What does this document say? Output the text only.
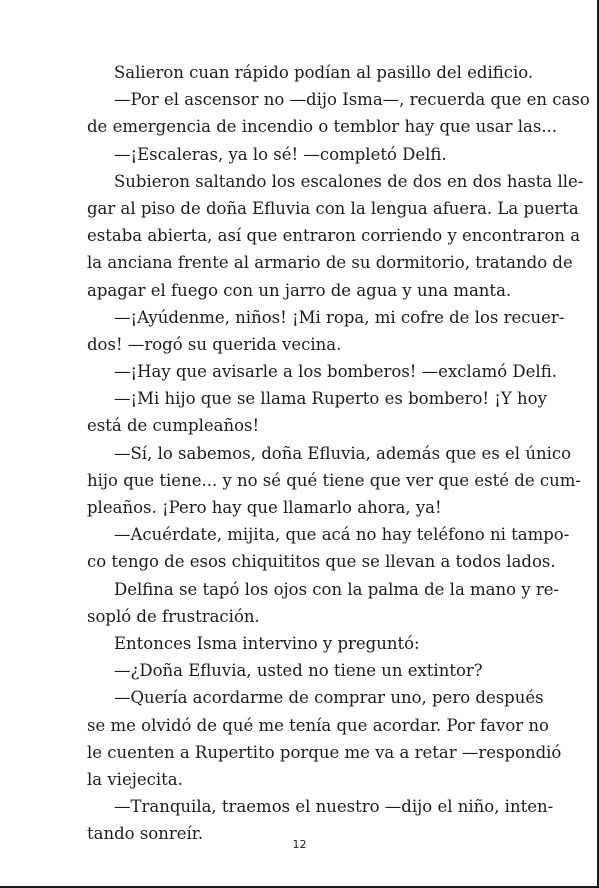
Salieron cuan rápido podían al pasillo del edificio.
—Por el ascensor no —dijo Isma—, recuerda que en caso
de emergencia de incendio o temblor hay que usar las...
—¡Escaleras, ya lo sé! —completó Delfi.
Subieron saltando los escalones de dos en dos hasta lle-
gar al piso de doña Efluvia con la lengua afuera. La puerta
estaba abierta, así que entraron corriendo y encontraron a
la anciana frente al armario de su dormitorio, tratando de
apagar el fuego con un jarro de agua y una manta.
—¡Ayúdenme, niños! ¡Mi ropa, mi cofre de los recuer-
dos! —rogó su querida vecina.
—¡Hay que avisarle a los bomberos! —exclamó Delfi.
—¡Mi hijo que se llama Ruperto es bombero! ¡Y hoy
está de cumpleaños!
—Sí, lo sabemos, doña Efluvia, además que es el único
hijo que tiene... y no sé qué tiene que ver que esté de cum-
pleaños. ¡Pero hay que llamarlo ahora, ya!
—Acuérdate, mijita, que acá no hay teléfono ni tampo-
co tengo de esos chiquititos que se llevan a todos lados.
Delfina se tapó los ojos con la palma de la mano y re-
sopló de frustración.
Entonces Isma intervino y preguntó:
—¿Doña Efluvia, usted no tiene un extintor?
—Quería acordarme de comprar uno, pero después
se me olvidó de qué me tenía que acordar. Por favor no
le cuenten a Rupertito porque me va a retar —respondió
la viejecita.
—Tranquila, traemos el nuestro —dijo el niño, inten-
tando sonreír.
12
